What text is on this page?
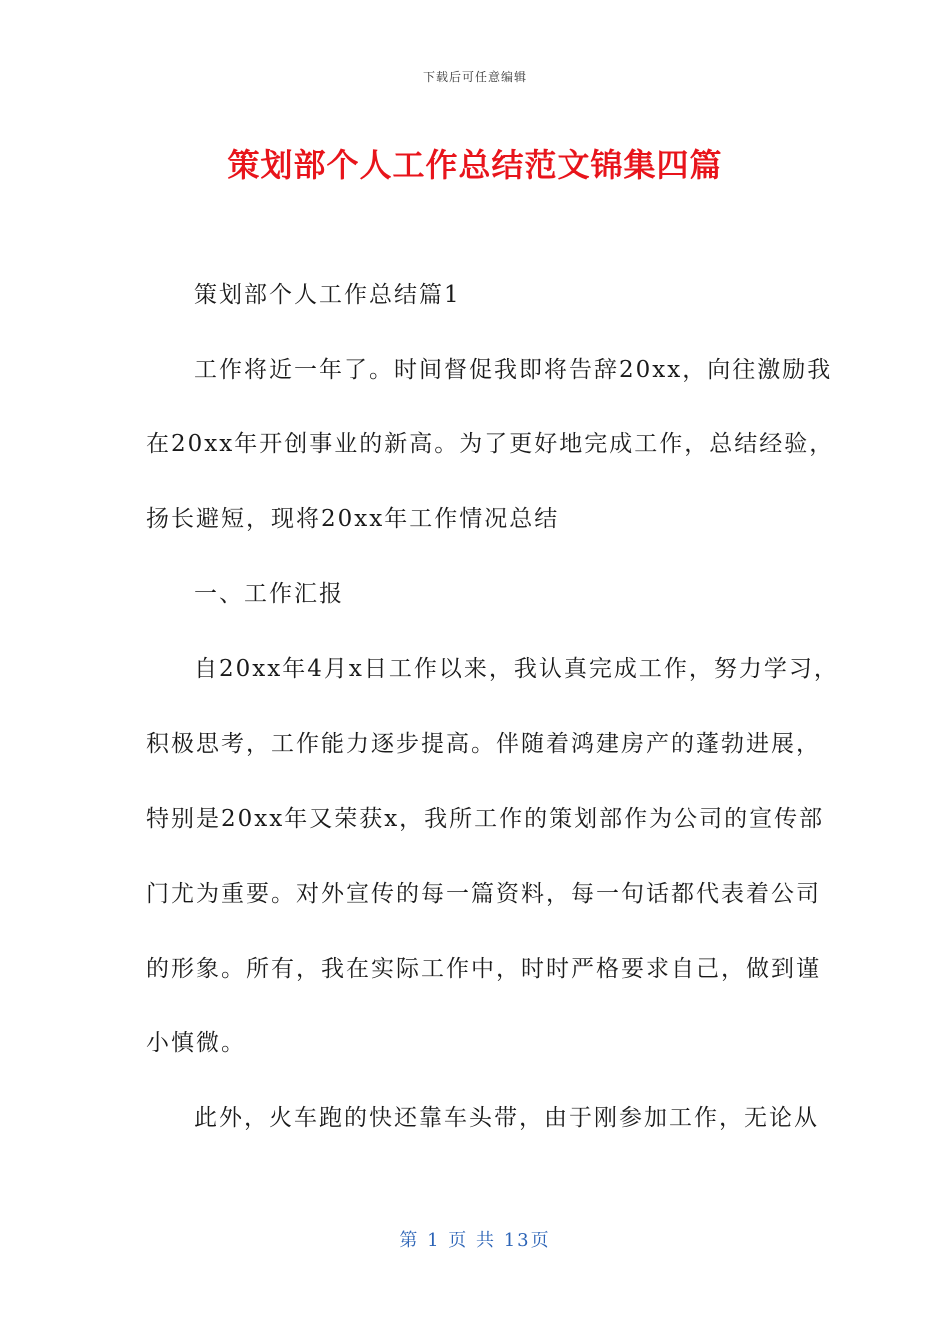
下载后可任意编辑
策划部个人工作总结范文锦集四篇
策划部个人工作总结篇1
工作将近一年了。时间督促我即将告辞20xx，向往激励我
在20xx年开创事业的新高。为了更好地完成工作，总结经验，
扬长避短，现将20xx年工作情况总结
一、工作汇报
自20xx年4月x日工作以来，我认真完成工作，努力学习，
积极思考，工作能力逐步提高。伴随着鸿建房产的蓬勃进展，
特别是20xx年又荣获x，我所工作的策划部作为公司的宣传部
门尤为重要。对外宣传的每一篇资料，每一句话都代表着公司
的形象。所有，我在实际工作中，时时严格要求自己，做到谨
小慎微。
此外，火车跑的快还靠车头带，由于刚参加工作，无论从
第 1 页 共 13页
